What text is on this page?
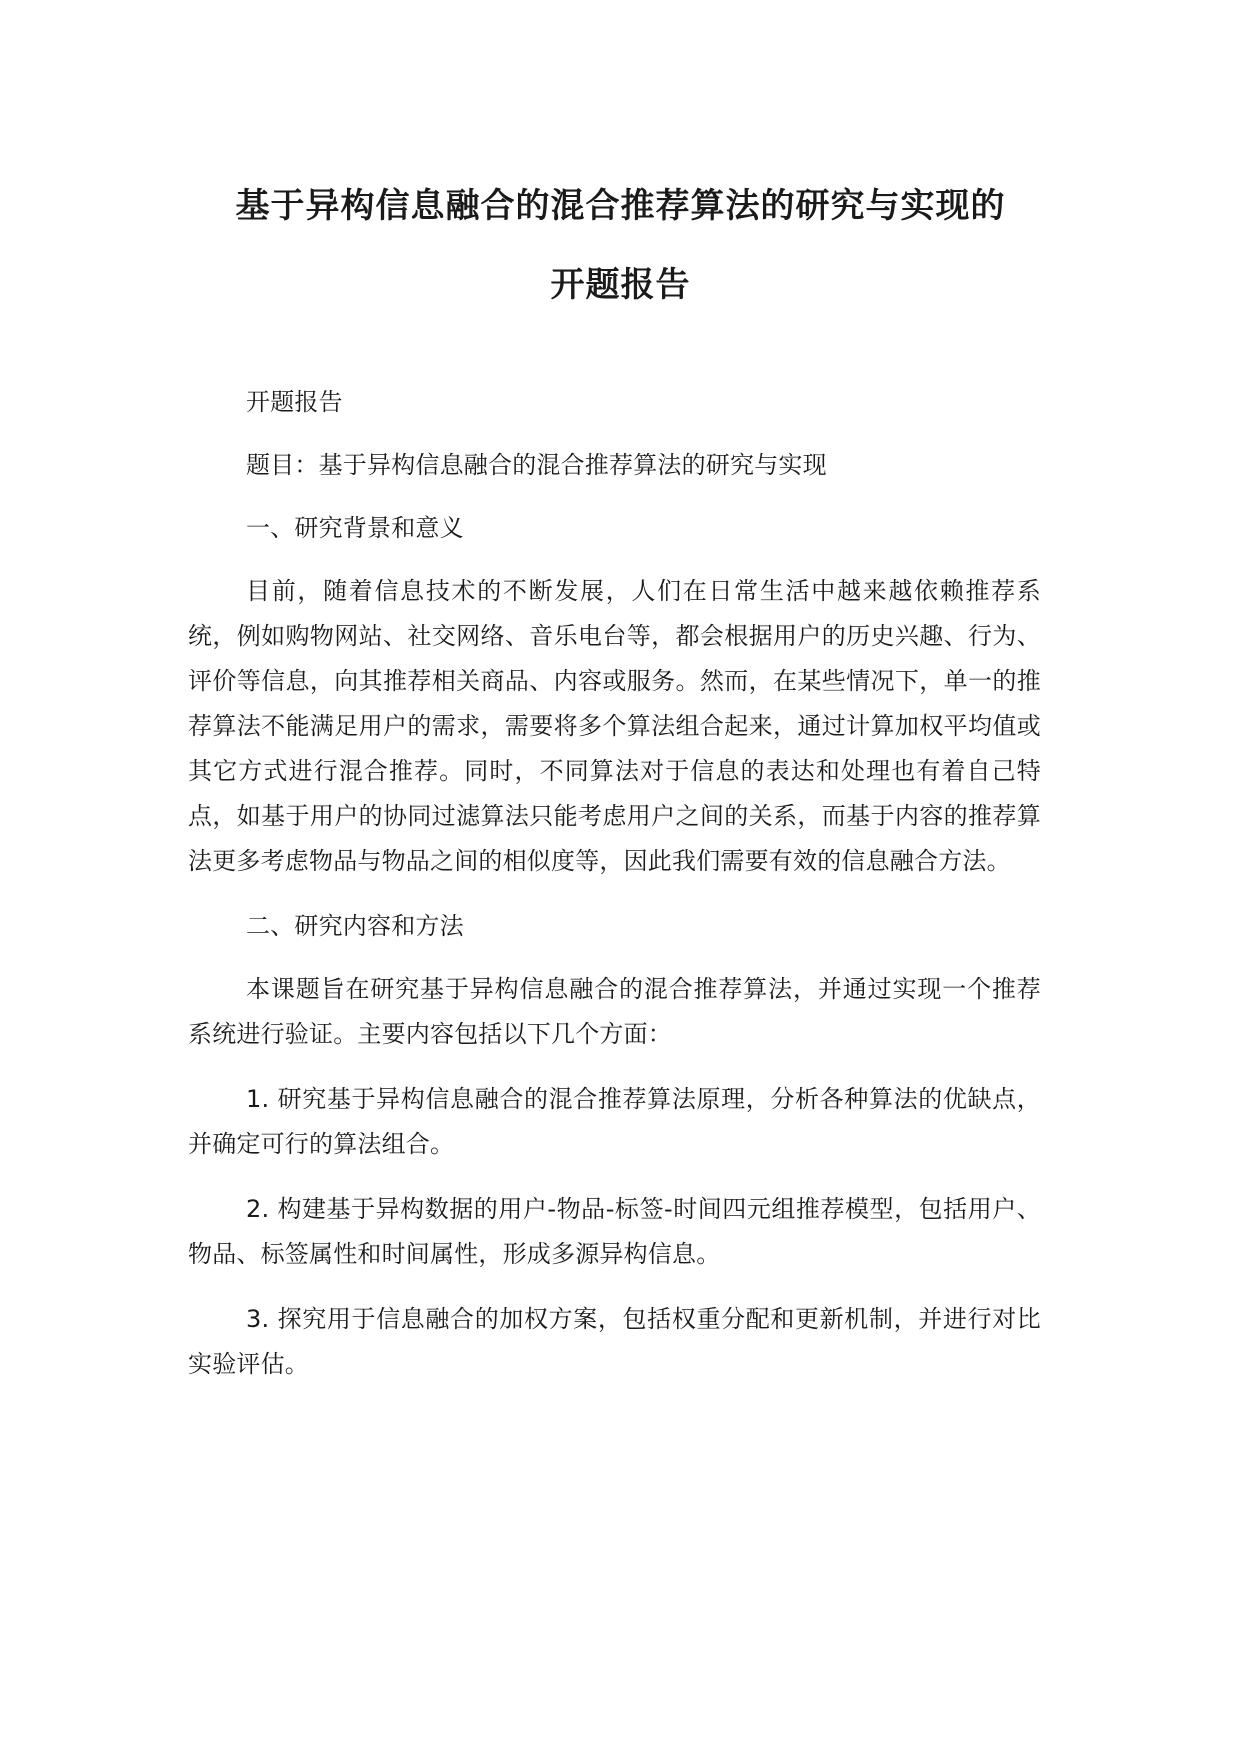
基于异构信息融合的混合推荐算法的研究与实现的
开题报告

开题报告

题目：基于异构信息融合的混合推荐算法的研究与实现

一、研究背景和意义

目前，随着信息技术的不断发展，人们在日常生活中越来越依赖推荐系统，例如购物网站、社交网络、音乐电台等，都会根据用户的历史兴趣、行为、评价等信息，向其推荐相关商品、内容或服务。然而，在某些情况下，单一的推荐算法不能满足用户的需求，需要将多个算法组合起来，通过计算加权平均值或其它方式进行混合推荐。同时，不同算法对于信息的表达和处理也有着自己特点，如基于用户的协同过滤算法只能考虑用户之间的关系，而基于内容的推荐算法更多考虑物品与物品之间的相似度等，因此我们需要有效的信息融合方法。

二、研究内容和方法

本课题旨在研究基于异构信息融合的混合推荐算法，并通过实现一个推荐系统进行验证。主要内容包括以下几个方面：

1. 研究基于异构信息融合的混合推荐算法原理，分析各种算法的优缺点，并确定可行的算法组合。

2. 构建基于异构数据的用户-物品-标签-时间四元组推荐模型，包括用户、物品、标签属性和时间属性，形成多源异构信息。

3. 探究用于信息融合的加权方案，包括权重分配和更新机制，并进行对比实验评估。
